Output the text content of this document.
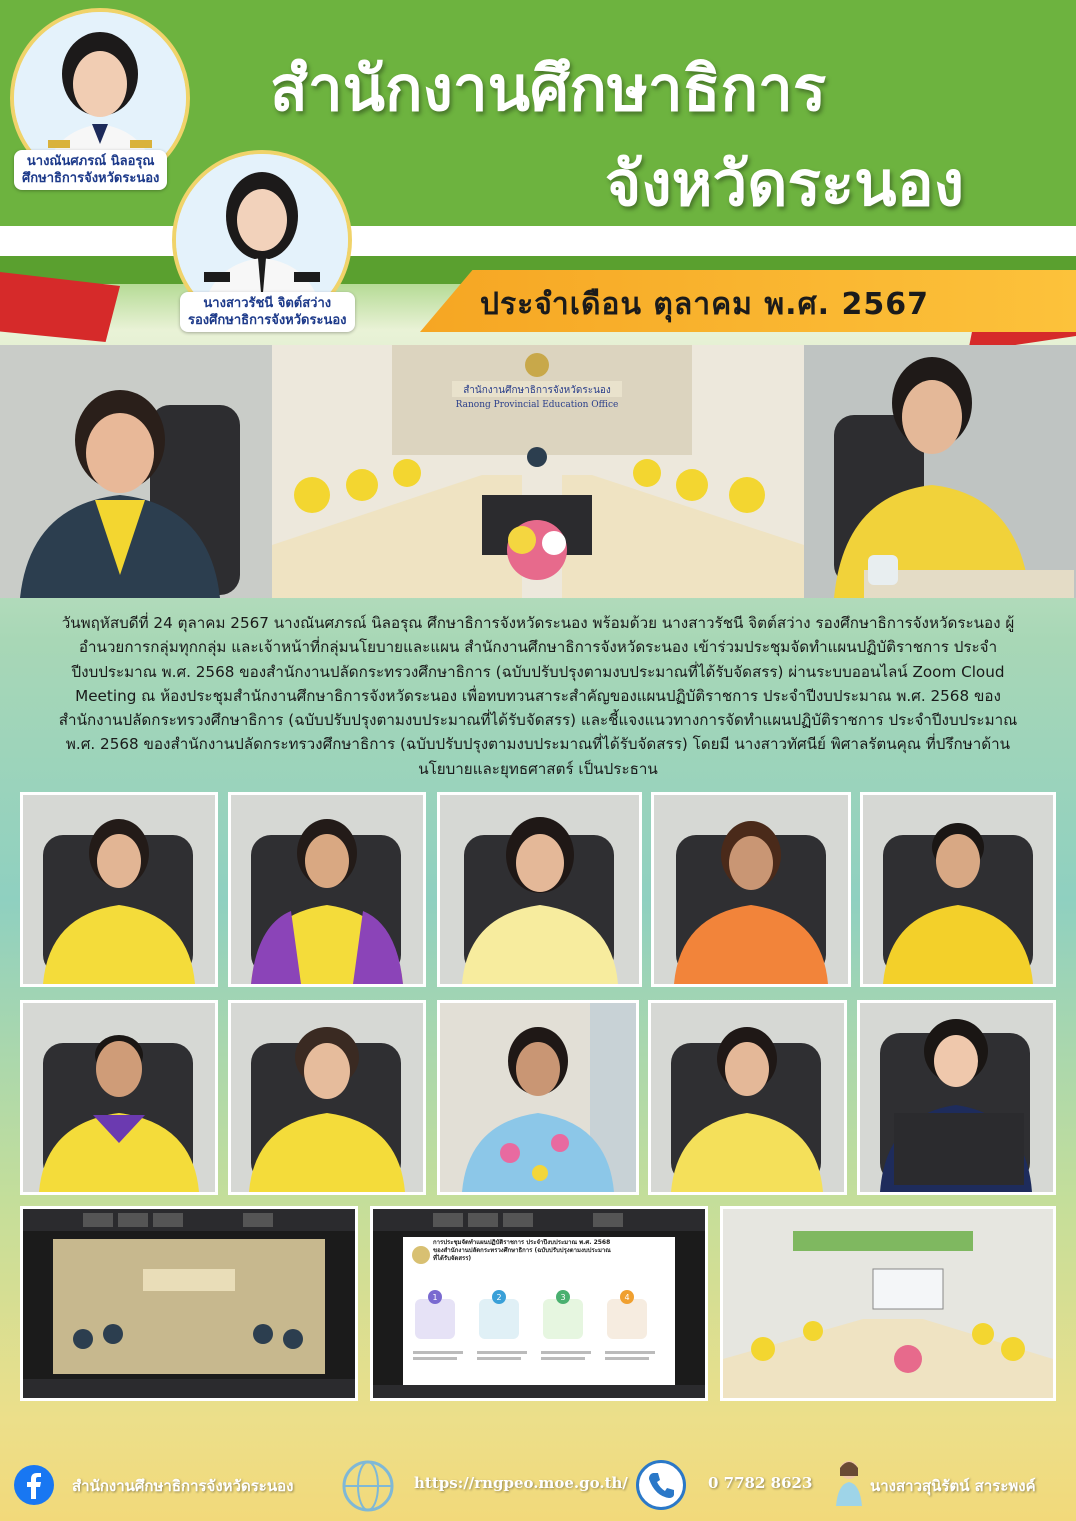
สำนักงานศึกษาธิการ
จังหวัดระนอง
ประจำเดือน ตุลาคม พ.ศ. 2567
นางณันศภรณ์ นิลอรุณ
ศึกษาธิการจังหวัดระนอง
นางสาวรัชนี จิตต์สว่าง
รองศึกษาธิการจังหวัดระนอง
สำนักงานศึกษาธิการจังหวัดระนอง
Ranong Provincial Education Office
วันพฤหัสบดีที่ 24 ตุลาคม 2567 นางณันศภรณ์ นิลอรุณ ศึกษาธิการจังหวัดระนอง พร้อมด้วย นางสาวรัชนี จิตต์สว่าง รองศึกษาธิการจังหวัดระนอง ผู้อำนวยการกลุ่มทุกกลุ่ม และเจ้าหน้าที่กลุ่มนโยบายและแผน สำนักงานศึกษาธิการจังหวัดระนอง เข้าร่วมประชุมจัดทำแผนปฏิบัติราชการ ประจำปีงบประมาณ พ.ศ. 2568 ของสำนักงานปลัดกระทรวงศึกษาธิการ (ฉบับปรับปรุงตามงบประมาณที่ได้รับจัดสรร) ผ่านระบบออนไลน์ Zoom Cloud Meeting ณ ห้องประชุมสำนักงานศึกษาธิการจังหวัดระนอง เพื่อทบทวนสาระสำคัญของแผนปฏิบัติราชการ ประจำปีงบประมาณ พ.ศ. 2568 ของสำนักงานปลัดกระทรวงศึกษาธิการ (ฉบับปรับปรุงตามงบประมาณที่ได้รับจัดสรร) และชี้แจงแนวทางการจัดทำแผนปฏิบัติราชการ ประจำปีงบประมาณ พ.ศ. 2568 ของสำนักงานปลัดกระทรวงศึกษาธิการ (ฉบับปรับปรุงตามงบประมาณที่ได้รับจัดสรร) โดยมี นางสาวทัศนีย์ พิศาลรัตนคุณ ที่ปรึกษาด้านนโยบายและยุทธศาสตร์ เป็นประธาน
การประชุมจัดทำแผนปฏิบัติราชการ ประจำปีงบประมาณ พ.ศ. 2568 ของสำนักงานปลัดกระทรวงศึกษาธิการ (ฉบับปรับปรุงตามงบประมาณที่ได้รับจัดสรร)
1	2	3	4
สำนักงานศึกษาธิการจังหวัดระนอง	https://rngpeo.moe.go.th/	0 7782 8623	นางสาวสุนิรัตน์ สาระพงค์
